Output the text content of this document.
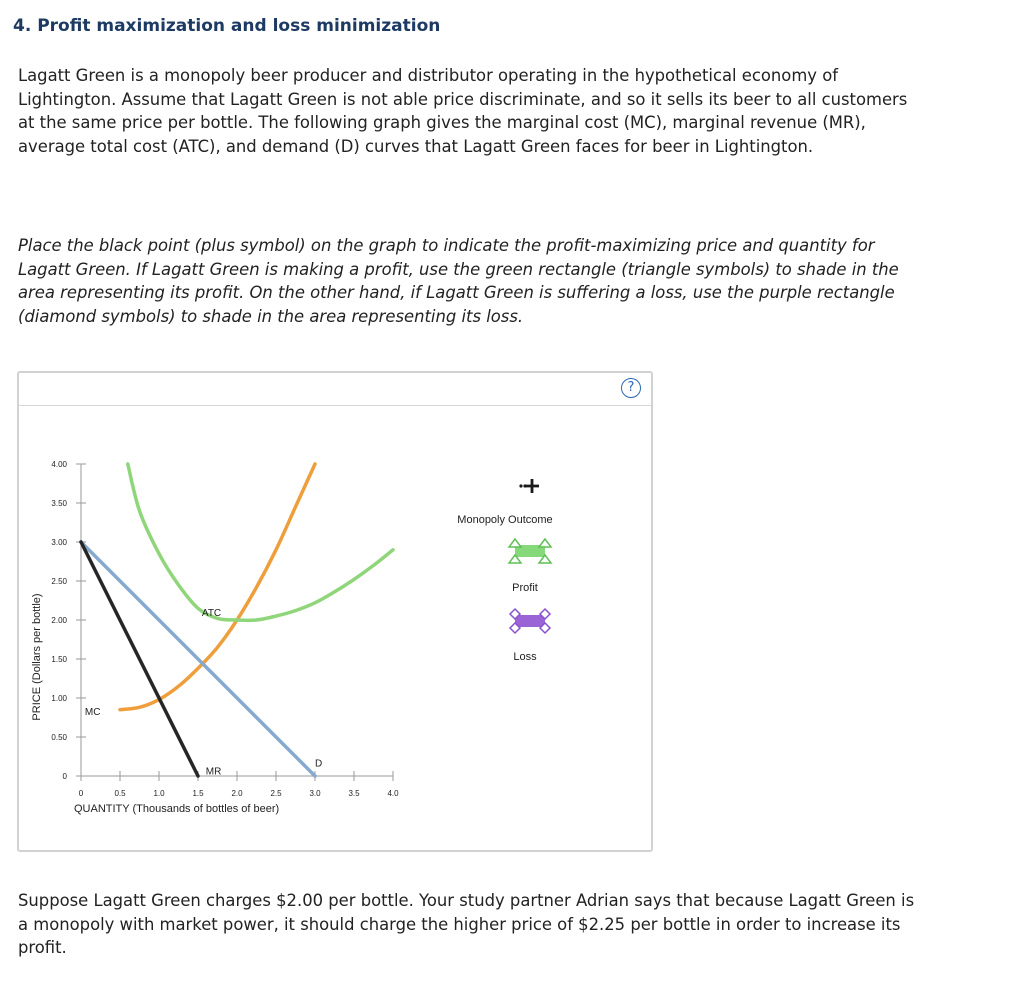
4. Profit maximization and loss minimization

Lagatt Green is a monopoly beer producer and distributor operating in the hypothetical economy of Lightington. Assume that Lagatt Green is not able price discriminate, and so it sells its beer to all customers at the same price per bottle. The following graph gives the marginal cost (MC), marginal revenue (MR), average total cost (ATC), and demand (D) curves that Lagatt Green faces for beer in Lightington.

Place the black point (plus symbol) on the graph to indicate the profit-maximizing price and quantity for Lagatt Green. If Lagatt Green is making a profit, use the green rectangle (triangle symbols) to shade in the area representing its profit. On the other hand, if Lagatt Green is suffering a loss, use the purple rectangle (diamond symbols) to shade in the area representing its loss.

?
0
0.50
1.00
1.50
2.00
2.50
3.00
3.50
4.00
0	0.5	1.0	1.5	2.0	2.5	3.0	3.5	4.0
MC
ATC
D
MR
QUANTITY (Thousands of bottles of beer)
PRICE (Dollars per bottle)
Monopoly Outcome
Profit
Loss

Suppose Lagatt Green charges $2.00 per bottle. Your study partner Adrian says that because Lagatt Green is a monopoly with market power, it should charge the higher price of $2.25 per bottle in order to increase its profit.
